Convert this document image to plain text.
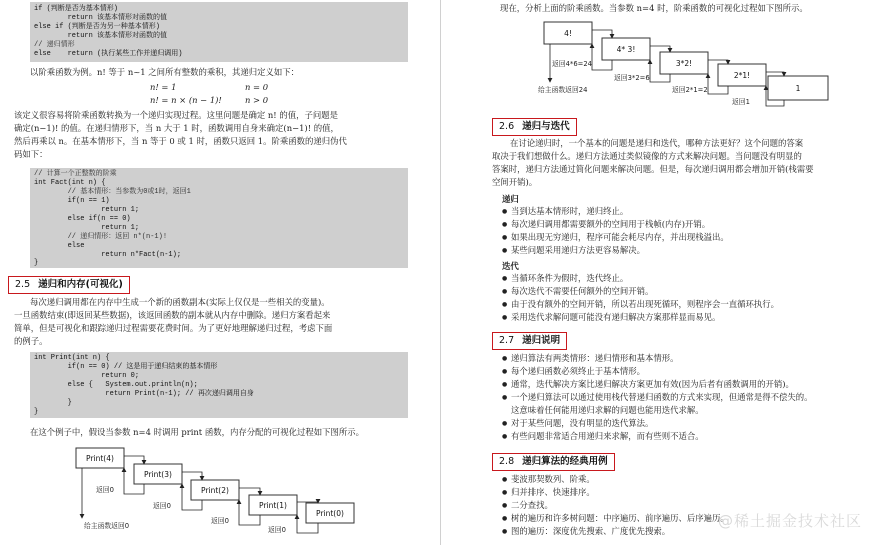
if (判断是否为基本情形)
return 该基本情形对函数的值
else if (判断是否为另一种基本情形)
return 该基本情形对函数的值
// 递归情形
else    return (执行某些工作并递归调用)
以阶乘函数为例。n! 等于 n~1 之间所有整数的乘积，其递归定义如下：
n! = 1	n = 0
n! = n × (n − 1)!	n > 0
该定义很容易将阶乘函数转换为一个递归实现过程。这里问题是确定 n! 的值，子问题是
确定(n−1)! 的值。在递归情形下，当 n 大于 1 时，函数调用自身来确定(n−1)! 的值，
然后再乘以 n。在基本情形下，当 n 等于 0 或 1 时，函数只返回 1。阶乘函数的递归伪代
码如下：
// 计算一个正整数的阶乘
int Fact(int n) {
// 基本情形：当参数为0或1时，返回1
if(n == 1)
return 1;
else if(n == 0)
return 1;
// 递归情形：返回 n*(n-1)!
else
return n*Fact(n-1);
}
2.5 递归和内存(可视化)
每次递归调用都在内存中生成一个新的函数副本(实际上仅仅是一些相关的变量)。
一旦函数结束(即返回某些数据)，该返回函数的副本就从内存中删除。递归方案看起来
简单，但是可视化和跟踪递归过程需要花费时间。为了更好地理解递归过程，考虑下面
的例子。
int Print(int n) {
if(n == 0) // 这是用于递归结束的基本情形
return 0;
else {   System.out.println(n);
return Print(n-1); // 再次递归调用自身
}
}
在这个例子中，假设当参数 n=4 时调用 print 函数，内存分配的可视化过程如下图所示。
Print(4)
Print(3)
Print(2)
Print(1)
Print(0)
返回0
返回0
返回0
返回0
给主函数返回0
现在，分析上面的阶乘函数。当参数 n=4 时，阶乘函数的可视化过程如下图所示。
4!
4* 3!
3*2!
2*1!
1
返回4*6=24
返回3*2=6
返回2*1=2
返回1
给主函数返回24
2.6 递归与迭代
在讨论递归时，一个基本的问题是递归和迭代，哪种方法更好？这个问题的答案
取决于我们想做什么。递归方法通过类似镜像的方式来解决问题。当问题没有明显的
答案时，递归方法通过简化问题来解决问题。但是，每次递归调用都会增加开销(栈需要
空间开销)。
递归
● 当到达基本情形时，递归终止。
● 每次递归调用都需要额外的空间用于栈帧(内存)开销。
● 如果出现无穷递归，程序可能会耗尽内存，并出现栈溢出。
● 某些问题采用递归方法更容易解决。
迭代
● 当循环条件为假时，迭代终止。
● 每次迭代不需要任何额外的空间开销。
● 由于没有额外的空间开销，所以若出现死循环，则程序会一直循环执行。
● 采用迭代求解问题可能没有递归解决方案那样显而易见。
2.7 递归说明
● 递归算法有两类情形：递归情形和基本情形。
● 每个递归函数必须终止于基本情形。
● 通常，迭代解决方案比递归解决方案更加有效(因为后者有函数调用的开销)。
● 一个递归算法可以通过使用栈代替递归函数的方式来实现，但通常是得不偿失的。
这意味着任何能用递归求解的问题也能用迭代求解。
● 对于某些问题，没有明显的迭代算法。
● 有些问题非常适合用递归来求解，而有些则不适合。
2.8 递归算法的经典用例
● 斐波那契数列、阶乘。
● 归并排序、快速排序。
● 二分查找。
● 树的遍历和许多树问题：中序遍历、前序遍历、后序遍历。
● 图的遍历：深度优先搜索、广度优先搜索。
@稀土掘金技术社区
